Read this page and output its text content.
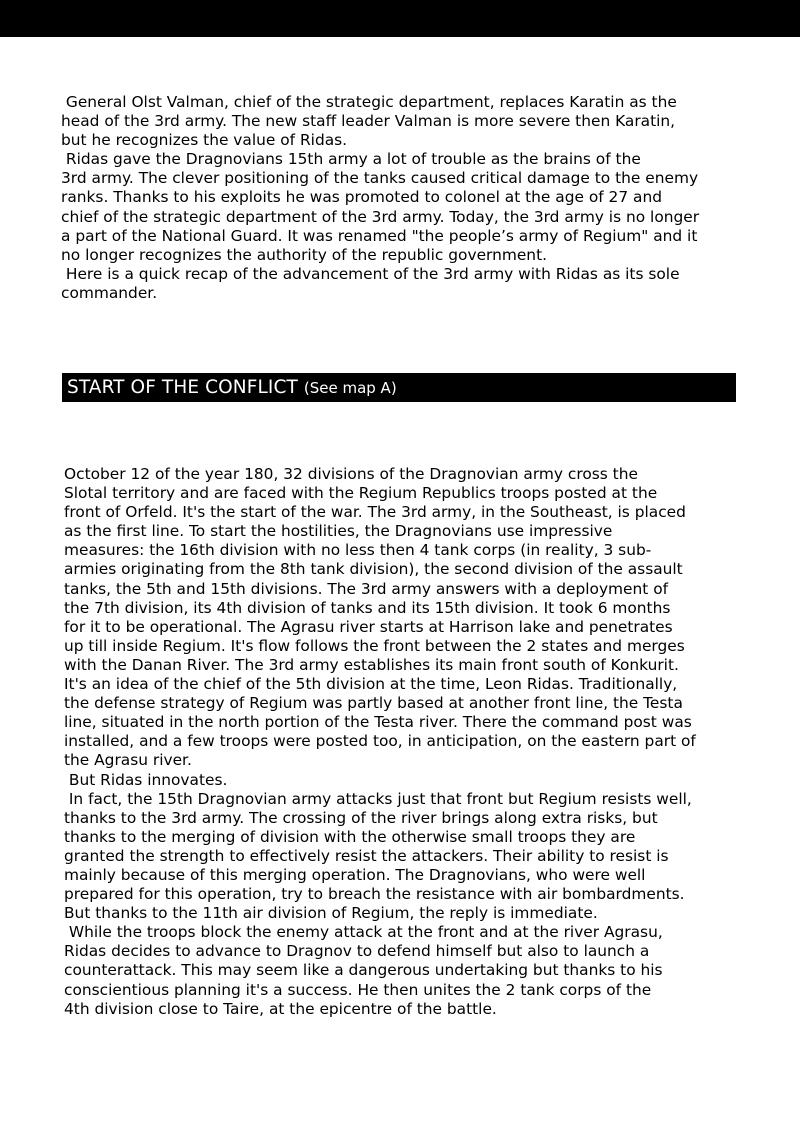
General Olst Valman, chief of the strategic department, replaces Karatin as the
head of the 3rd army. The new staff leader Valman is more severe then Karatin,
but he recognizes the value of Ridas.
Ridas gave the Dragnovians 15th army a lot of trouble as the brains of the
3rd army. The clever positioning of the tanks caused critical damage to the enemy
ranks. Thanks to his exploits he was promoted to colonel at the age of 27 and
chief of the strategic department of the 3rd army. Today, the 3rd army is no longer
a part of the National Guard. It was renamed "the people’s army of Regium" and it
no longer recognizes the authority of the republic government.
Here is a quick recap of the advancement of the 3rd army with Ridas as its sole
commander.
START OF THE CONFLICT (See map A)
October 12 of the year 180, 32 divisions of the Dragnovian army cross the
Slotal territory and are faced with the Regium Republics troops posted at the
front of Orfeld. It's the start of the war. The 3rd army, in the Southeast, is placed
as the first line. To start the hostilities, the Dragnovians use impressive
measures: the 16th division with no less then 4 tank corps (in reality, 3 sub-
armies originating from the 8th tank division), the second division of the assault
tanks, the 5th and 15th divisions. The 3rd army answers with a deployment of
the 7th division, its 4th division of tanks and its 15th division. It took 6 months
for it to be operational. The Agrasu river starts at Harrison lake and penetrates
up till inside Regium. It's flow follows the front between the 2 states and merges
with the Danan River. The 3rd army establishes its main front south of Konkurit.
It's an idea of the chief of the 5th division at the time, Leon Ridas. Traditionally,
the defense strategy of Regium was partly based at another front line, the Testa
line, situated in the north portion of the Testa river. There the command post was
installed, and a few troops were posted too, in anticipation, on the eastern part of
the Agrasu river.
But Ridas innovates.
In fact, the 15th Dragnovian army attacks just that front but Regium resists well,
thanks to the 3rd army. The crossing of the river brings along extra risks, but
thanks to the merging of division with the otherwise small troops they are
granted the strength to effectively resist the attackers. Their ability to resist is
mainly because of this merging operation. The Dragnovians, who were well
prepared for this operation, try to breach the resistance with air bombardments.
But thanks to the 11th air division of Regium, the reply is immediate.
While the troops block the enemy attack at the front and at the river Agrasu,
Ridas decides to advance to Dragnov to defend himself but also to launch a
counterattack. This may seem like a dangerous undertaking but thanks to his
conscientious planning it's a success. He then unites the 2 tank corps of the
4th division close to Taire, at the epicentre of the battle.
